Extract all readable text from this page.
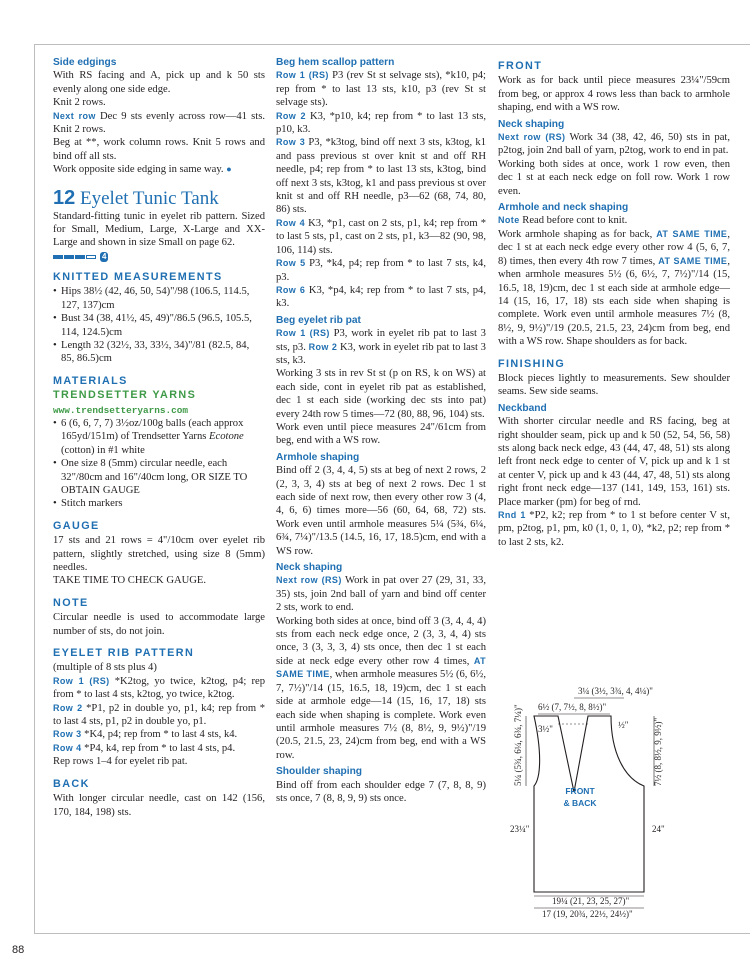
88
Side edgings

With RS facing and A, pick up and k 50 sts evenly along one side edge.

Knit 2 rows.

Next row Dec 9 sts evenly across row—41 sts. Knit 2 rows.

Beg at **, work column rows. Knit 5 rows and bind off all sts.

Work opposite side edging in same way. ●

12 Eyelet Tunic Tank

Standard-fitting tunic in eyelet rib pattern. Sized for Small, Medium, Large, X-Large and XX-Large and shown in size Small on page 62.

4
KNITTED MEASUREMENTS
• Hips 38½ (42, 46, 50, 54)"/98 (106.5, 114.5, 127, 137)cm
• Bust 34 (38, 41½, 45, 49)"/86.5 (96.5, 105.5, 114, 124.5)cm
• Length 32 (32½, 33, 33½, 34)"/81 (82.5, 84, 85, 86.5)cm
MATERIALS
TRENDSETTER YARNS
www.trendsetteryarns.com
• 6 (6, 6, 7, 7) 3½oz/100g balls (each approx 165yd/151m) of Trendsetter Yarns Ecotone (cotton) in #1 white
• One size 8 (5mm) circular needle, each 32"/80cm and 16"/40cm long, OR SIZE TO OBTAIN GAUGE
• Stitch markers
GAUGE

17 sts and 21 rows = 4"/10cm over eyelet rib pattern, slightly stretched, using size 8 (5mm) needles.

TAKE TIME TO CHECK GAUGE.

NOTE

Circular needle is used to accommodate large number of sts, do not join.

EYELET RIB PATTERN

(multiple of 8 sts plus 4)

Row 1 (RS) *K2tog, yo twice, k2tog, p4; rep from * to last 4 sts, k2tog, yo twice, k2tog.

Row 2 *P1, p2 in double yo, p1, k4; rep from * to last 4 sts, p1, p2 in double yo, p1.

Row 3 *K4, p4; rep from * to last 4 sts, k4.

Row 4 *P4, k4, rep from * to last 4 sts, p4.

Rep rows 1–4 for eyelet rib pat.

BACK

With longer circular needle, cast on 142 (156, 170, 184, 198) sts.

Beg hem scallop pattern

Row 1 (RS) P3 (rev St st selvage sts), *k10, p4; rep from * to last 13 sts, k10, p3 (rev St st selvage sts).

Row 2 K3, *p10, k4; rep from * to last 13 sts, p10, k3.

Row 3 P3, *k3tog, bind off next 3 sts, k3tog, k1 and pass previous st over knit st and off RH needle, p4; rep from * to last 13 sts, k3tog, bind off next 3 sts, k3tog, k1 and pass previous st over knit st and off RH needle, p3—62 (68, 74, 80, 86) sts.

Row 4 K3, *p1, cast on 2 sts, p1, k4; rep from * to last 5 sts, p1, cast on 2 sts, p1, k3—82 (90, 98, 106, 114) sts.

Row 5 P3, *k4, p4; rep from * to last 7 sts, k4, p3.

Row 6 K3, *p4, k4; rep from * to last 7 sts, p4, k3.

Beg eyelet rib pat

Row 1 (RS) P3, work in eyelet rib pat to last 3 sts, p3. Row 2 K3, work in eyelet rib pat to last 3 sts, k3.

Working 3 sts in rev St st (p on RS, k on WS) at each side, cont in eyelet rib pat as established, dec 1 st each side (working dec sts into pat) every 24th row 5 times—72 (80, 88, 96, 104) sts.

Work even until piece measures 24"/61cm from beg, end with a WS row.

Armhole shaping

Bind off 2 (3, 4, 4, 5) sts at beg of next 2 rows, 2 (2, 3, 3, 4) sts at beg of next 2 rows. Dec 1 st each side of next row, then every other row 3 (4, 4, 6, 6) times more—56 (60, 64, 68, 72) sts. Work even until armhole measures 5¼ (5¾, 6¼, 6¾, 7¼)"/13.5 (14.5, 16, 17, 18.5)cm, end with a WS row.

Neck shaping

Next row (RS) Work in pat over 27 (29, 31, 33, 35) sts, join 2nd ball of yarn and bind off center 2 sts, work to end.

Working both sides at once, bind off 3 (3, 4, 4, 4) sts from each neck edge once, 2 (3, 3, 4, 4) sts once, 3 (3, 3, 3, 4) sts once, then dec 1 st each side at neck edge every other row 4 times, AT SAME TIME, when armhole measures 5½ (6, 6½, 7, 7½)"/14 (15, 16.5, 18, 19)cm, dec 1 st each side at armhole edge—14 (15, 16, 17, 18) sts each side when shaping is complete. Work even until armhole measures 7½ (8, 8½, 9, 9½)"/19 (20.5, 21.5, 23, 24)cm from beg, end with a WS row.

Shoulder shaping

Bind off from each shoulder edge 7 (7, 8, 8, 9) sts once, 7 (8, 8, 9, 9) sts once.

FRONT

Work as for back until piece measures 23¼"/59cm from beg, or approx 4 rows less than back to armhole shaping, end with a WS row.

Neck shaping

Next row (RS) Work 34 (38, 42, 46, 50) sts in pat, p2tog, join 2nd ball of yarn, p2tog, work to end in pat.

Working both sides at once, work 1 row even, then dec 1 st at each neck edge on foll row. Work 1 row even.

Armhole and neck shaping

Note Read before cont to knit.

Work armhole shaping as for back, AT SAME TIME, dec 1 st at each neck edge every other row 4 (5, 6, 7, 8) times, then every 4th row 7 times, AT SAME TIME, when armhole measures 5½ (6, 6½, 7, 7½)"/14 (15, 16.5, 18, 19)cm, dec 1 st each side at armhole edge—14 (15, 16, 17, 18) sts each side when shaping is complete. Work even until armhole measures 7½ (8, 8½, 9, 9½)"/19 (20.5, 21.5, 23, 24)cm from beg, end with a WS row. Shape shoulders as for back.

FINISHING

Block pieces lightly to measurements. Sew shoulder seams. Sew side seams.

Neckband

With shorter circular needle and RS facing, beg at right shoulder seam, pick up and k 50 (52, 54, 56, 58) sts along back neck edge, 43 (44, 47, 48, 51) sts along left front neck edge to center of V, pick up and k 1 st at center V, pick up and k 43 (44, 47, 48, 51) sts along right front neck edge—137 (141, 149, 153, 161) sts. Place marker (pm) for beg of rnd.

Rnd 1 *P2, k2; rep from * to 1 st before center V st, pm, p2tog, p1, pm, k0 (1, 0, 1, 0), *k2, p2; rep from * to last 2 sts, k2.

3¼ (3½, 3¾, 4, 4¼)"
6½ (7, 7½, 8, 8½)"
3½"	½"
FRONT
& BACK
5¼ (5¾, 6¼, 6¾, 7¼)"	7½ (8, 8½, 9, 9½)"
23¼"	24"
19¼ (21, 23, 25, 27)"
17 (19, 20¾, 22½, 24½)"
